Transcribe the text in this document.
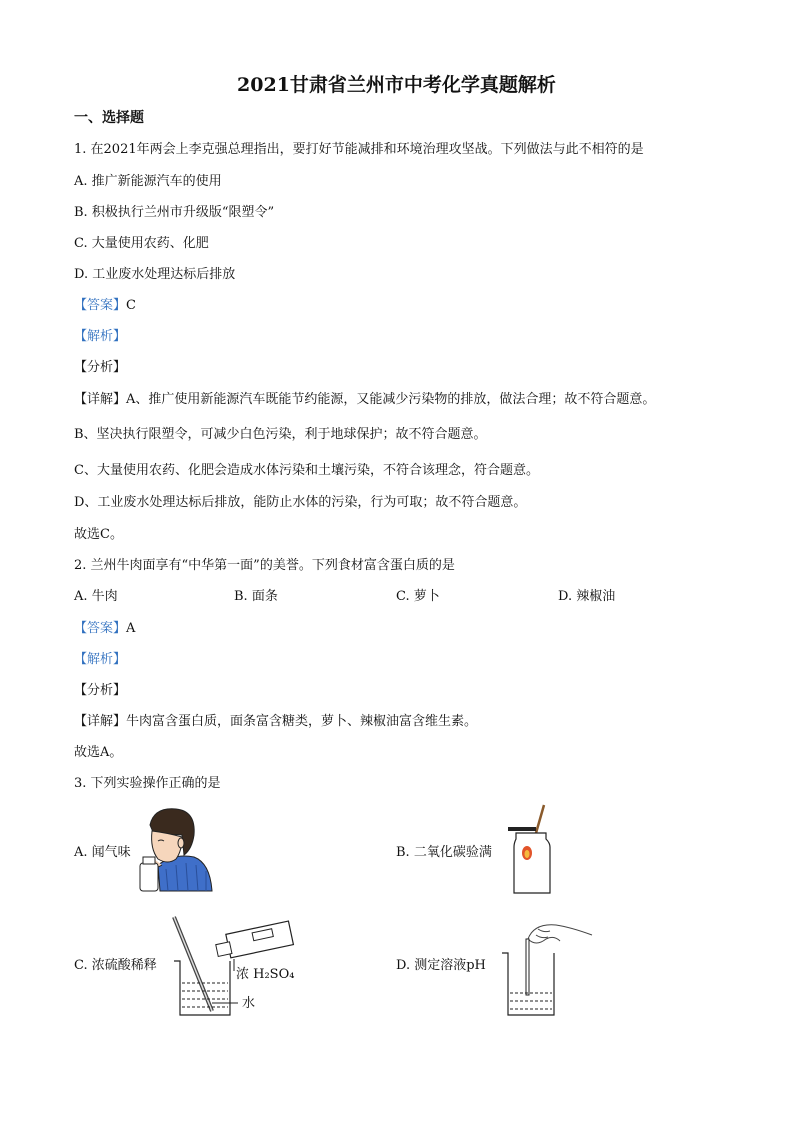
2021甘肃省兰州市中考化学真题解析
一、选择题
1. 在2021年两会上李克强总理指出，要打好节能减排和环境治理攻坚战。下列做法与此不相符的是
A. 推广新能源汽车的使用
B. 积极执行兰州市升级版“限塑令”
C. 大量使用农药、化肥
D. 工业废水处理达标后排放
【答案】C
【解析】
【分析】
【详解】A、推广使用新能源汽车既能节约能源，又能减少污染物的排放，做法合理；故不符合题意。
B、坚决执行限塑令，可减少白色污染，利于地球保护；故不符合题意。
C、大量使用农药、化肥会造成水体污染和土壤污染，不符合该理念，符合题意。
D、工业废水处理达标后排放，能防止水体的污染，行为可取；故不符合题意。
故选C。
2. 兰州牛肉面享有“中华第一面”的美誉。下列食材富含蛋白质的是
A. 牛肉	B. 面条	C. 萝卜	D. 辣椒油
【答案】A
【解析】
【分析】
【详解】牛肉富含蛋白质，面条富含糖类，萝卜、辣椒油富含维生素。
故选A。
3. 下列实验操作正确的是
A. 闻气味	B. 二氧化碳验满
C. 浓硫酸稀释
浓 H₂SO₄
水
D. 测定溶液pH
